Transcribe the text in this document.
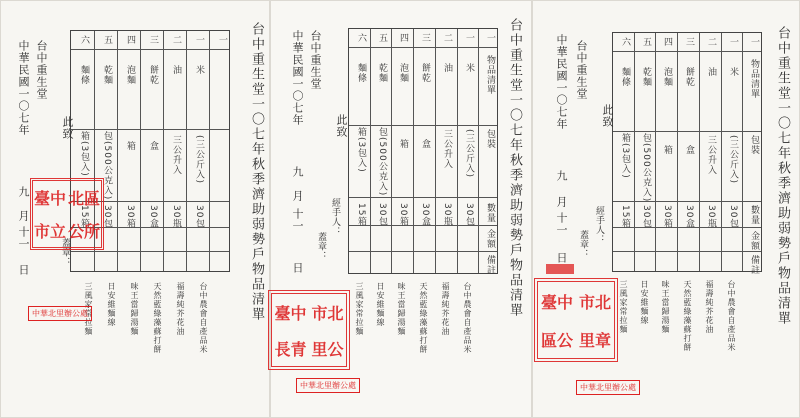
台中重生堂一〇七年秋季濟助弱勢戶物品清單
一
一
二
三
四
五
六
米
油
餅乾
泡麵
乾麵
麵條
(三公斤入)
三公升入
盒
箱
包(500公克入)
箱(3包入)
30包
30瓶
30盒
30箱
30包
15箱
台中農會自產品米
福壽純芥花油
天然藍綠藻蘇打餅
味王當歸湯麵
日安維麵線
三風家常拉麵
此致
台中重生堂
中華民國一〇七年
九
月
十一
日
蓋章：
臺中 北區
市立 公所
中華北里辦公處	台中重生堂一〇七年秋季濟助弱勢戶物品清單
一
物品清單
一
二
三
四
五
六
米
油
餅乾
泡麵
乾麵
麵條
包裝
(三公斤入)
三公升入
盒
箱
包(500公克入)
箱(3包入)
數量
30包
30瓶
30盒
30箱
30包
15箱
金額
備註
台中農會自產品米
福壽純芥花油
天然藍綠藻蘇打餅
味王當歸湯麵
日安維麵線
三風家常拉麵
此致
台中重生堂
中華民國一〇七年
九
月
十一
日
經手人：
蓋章：
臺中 市北
長青 里公
中華北里辦公處
台中重生堂一〇七年秋季濟助弱勢戶物品清單
一
物品清單
一
二
三
四
五
六
米
油
餅乾
泡麵
乾麵
麵條
包裝
(三公斤入)
三公升入
盒
箱
包(500公克入)
箱(3包入)
數量
30包
30瓶
30盒
30箱
30包
15箱
金額
備註
台中農會自產品米
福壽純芥花油
天然藍綠藻蘇打餅
味王當歸湯麵
日安維麵線
三風家常拉麵
此致
台中重生堂
中華民國一〇七年
九
月
十一
日
經手人：
蓋章：
臺中 市北
區公 里章
中華北里辦公處
